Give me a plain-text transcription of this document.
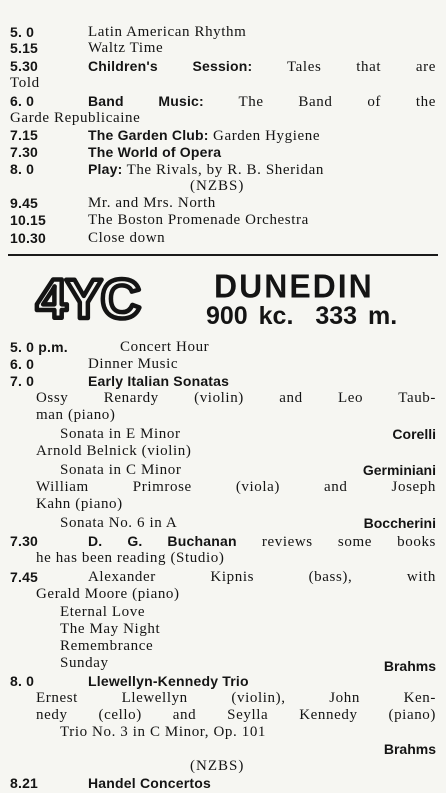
5. 0	Latin American Rhythm
5.15	Waltz Time
5.30	Children's Session: Tales that are
Told
6. 0	Band Music: The Band of the
Garde Republicaine
7.15	The Garden Club: Garden Hygiene
7.30	The World of Opera
8. 0	Play: The Rivals, by R. B. Sheridan
(NZBS)
9.45	Mr. and Mrs. North
10.15	The Boston Promenade Orchestra
10.30	Close down
4YC DUNEDIN
900 kc. 333 m.
5. 0 p.m.	Concert Hour
6. 0	Dinner Music
7. 0	Early Italian Sonatas
Ossy Renardy (violin) and Leo Taub-
man (piano)
Sonata in E Minor	Corelli
Arnold Belnick (violin)
Sonata in C Minor	Germiniani
William Primrose (viola) and Joseph
Kahn (piano)
Sonata No. 6 in A	Boccherini
7.30	D. G. Buchanan reviews some books
he has been reading (Studio)
7.45	Alexander Kipnis (bass), with
Gerald Moore (piano)
Eternal Love
The May Night
Remembrance
Sunday	Brahms
8. 0	Llewellyn-Kennedy Trio
Ernest Llewellyn (violin), John Ken-
nedy (cello) and Seylla Kennedy (piano)
Trio No. 3 in C Minor, Op. 101
Brahms
(NZBS)
8.21	Handel Concertos
